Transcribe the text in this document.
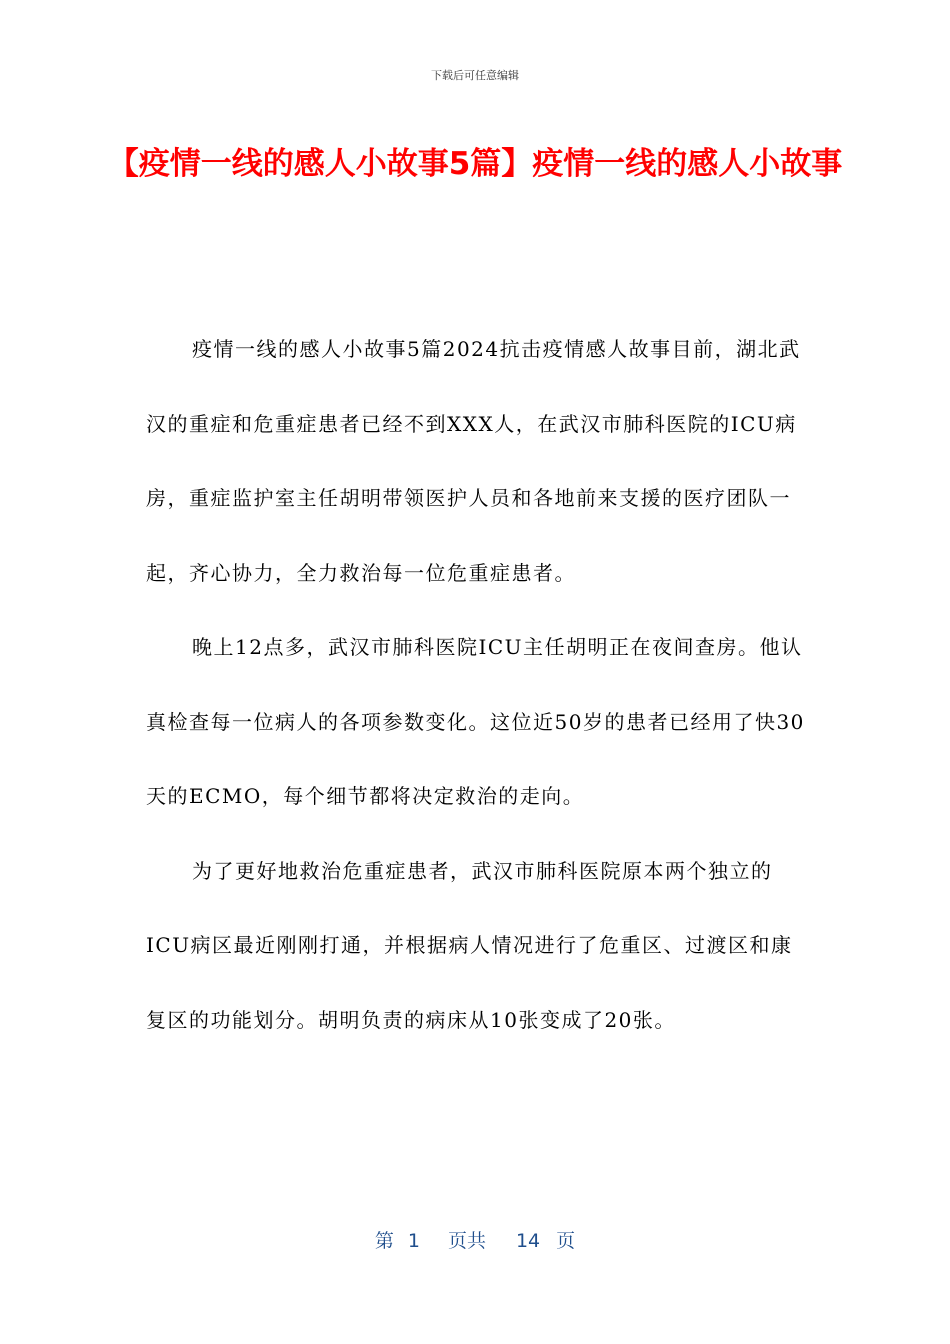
下载后可任意编辑
【疫情一线的感人小故事5篇】疫情一线的感人小故事

疫情一线的感人小故事5篇2024抗击疫情感人故事目前，湖北武汉的重症和危重症患者已经不到XXX人，在武汉市肺科医院的ICU病房，重症监护室主任胡明带领医护人员和各地前来支援的医疗团队一起，齐心协力，全力救治每一位危重症患者。

晚上12点多，武汉市肺科医院ICU主任胡明正在夜间查房。他认真检查每一位病人的各项参数变化。这位近50岁的患者已经用了快30天的ECMO，每个细节都将决定救治的走向。

为了更好地救治危重症患者，武汉市肺科医院原本两个独立的ICU病区最近刚刚打通，并根据病人情况进行了危重区、过渡区和康复区的功能划分。胡明负责的病床从10张变成了20张。

第 1 页共 14 页
